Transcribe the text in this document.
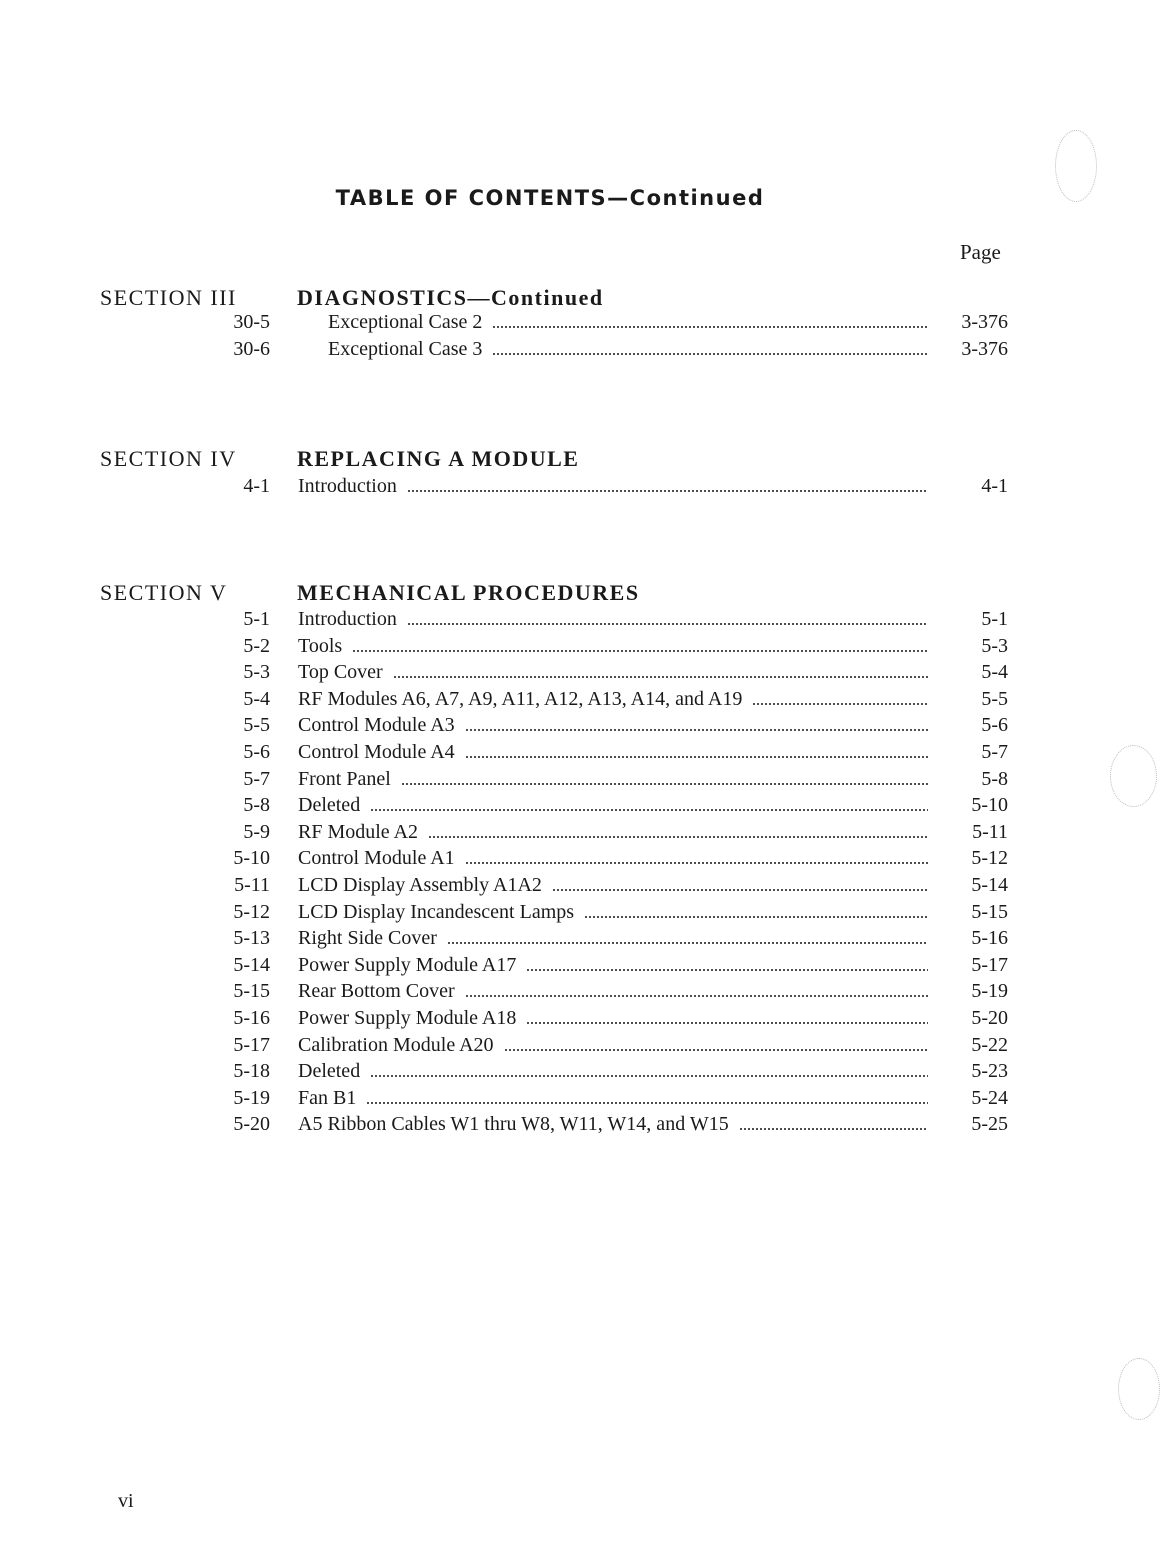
TABLE OF CONTENTS—Continued
Page
SECTION III	DIAGNOSTICS—Continued
30-5	Exceptional Case 2	3-376
30-6	Exceptional Case 3	3-376
SECTION IV	REPLACING A MODULE
4-1 Introduction	4-1
SECTION V	MECHANICAL PROCEDURES
5-1 Introduction	5-1
5-2 Tools	5-3
5-3 Top Cover	5-4
5-4 RF Modules A6, A7, A9, A11, A12, A13, A14, and A19	5-5
5-5 Control Module A3	5-6
5-6 Control Module A4	5-7
5-7 Front Panel	5-8
5-8 Deleted	5-10
5-9 RF Module A2	5-11
5-10 Control Module A1	5-12
5-11 LCD Display Assembly A1A2	5-14
5-12 LCD Display Incandescent Lamps	5-15
5-13 Right Side Cover	5-16
5-14 Power Supply Module A17	5-17
5-15 Rear Bottom Cover	5-19
5-16 Power Supply Module A18	5-20
5-17 Calibration Module A20	5-22
5-18 Deleted	5-23
5-19 Fan B1	5-24
5-20 A5 Ribbon Cables W1 thru W8, W11, W14, and W15	5-25
vi
